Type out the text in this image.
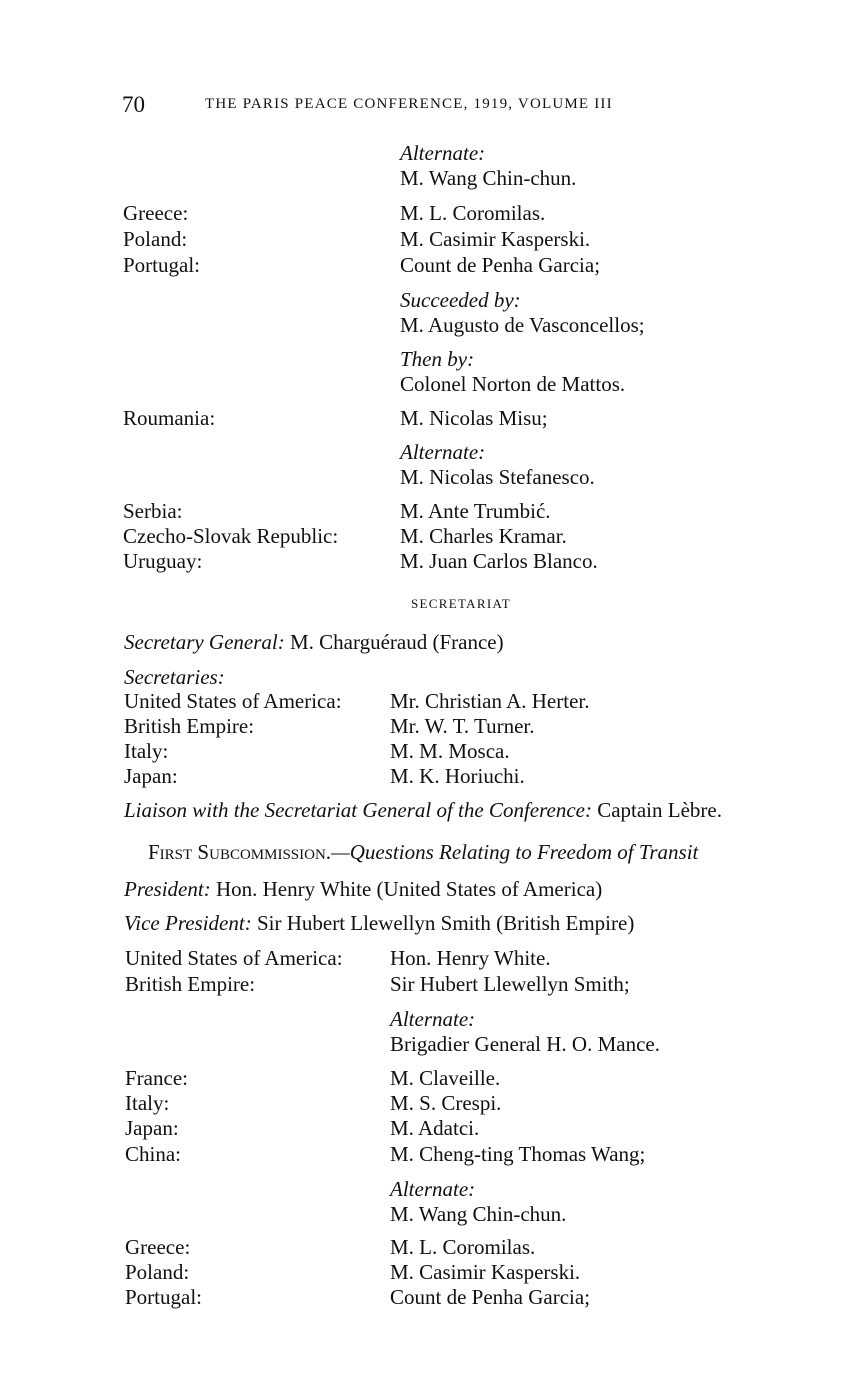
70	THE PARIS PEACE CONFERENCE, 1919, VOLUME III
Alternate:
M. Wang Chin-chun.
Greece:	M. L. Coromilas.
Poland:	M. Casimir Kasperski.
Portugal:	Count de Penha Garcia;
Succeeded by:
M. Augusto de Vasconcellos;
Then by:
Colonel Norton de Mattos.
Roumania:	M. Nicolas Misu;
Alternate:
M. Nicolas Stefanesco.
Serbia:	M. Ante Trumbić.
Czecho-Slovak Republic:	M. Charles Kramar.
Uruguay:	M. Juan Carlos Blanco.
SECRETARIAT
Secretary General: M. Charguéraud (France)
Secretaries:
United States of America: Mr. Christian A. Herter.
British Empire:	Mr. W. T. Turner.
Italy:	M. M. Mosca.
Japan:	M. K. Horiuchi.
Liaison with the Secretariat General of the Conference: Captain Lèbre.
First Subcommission.—Questions Relating to Freedom of Transit
President: Hon. Henry White (United States of America)
Vice President: Sir Hubert Llewellyn Smith (British Empire)
United States of America: Hon. Henry White.
British Empire:	Sir Hubert Llewellyn Smith;
Alternate:
Brigadier General H. O. Mance.
France:	M. Claveille.
Italy:	M. S. Crespi.
Japan:	M. Adatci.
China:	M. Cheng-ting Thomas Wang;
Alternate:
M. Wang Chin-chun.
Greece:	M. L. Coromilas.
Poland:	M. Casimir Kasperski.
Portugal:	Count de Penha Garcia;
